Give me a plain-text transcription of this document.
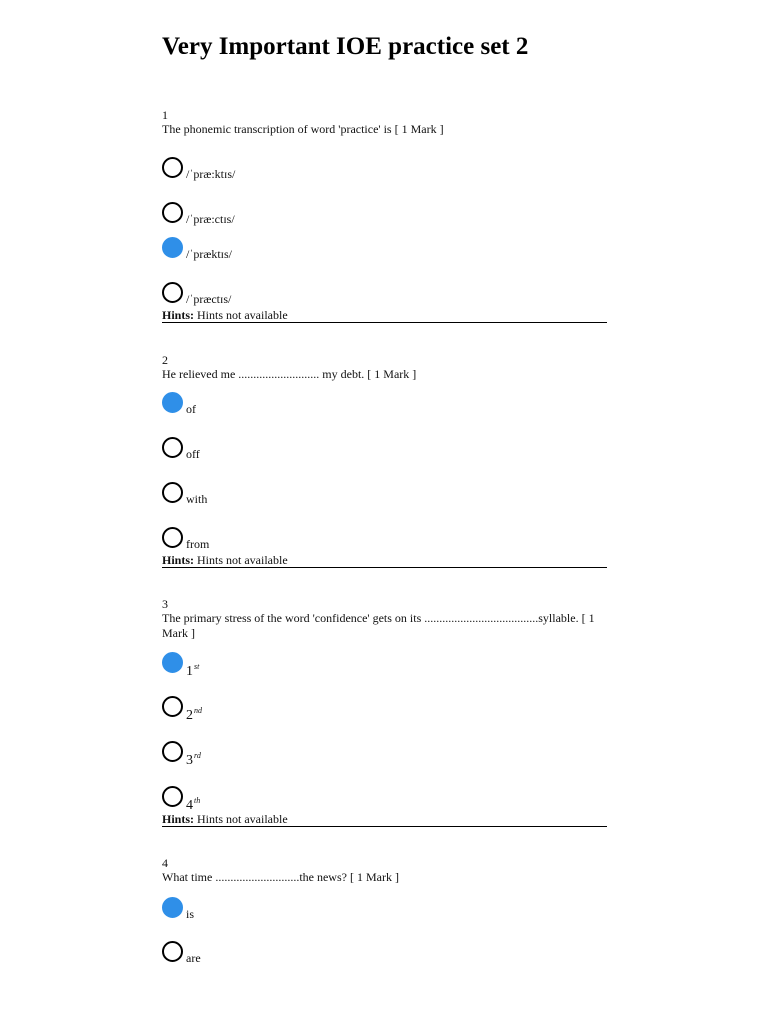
Very Important IOE practice set 2
1
The phonemic transcription of word 'practice' is [ 1 Mark ]
/ˈpræ:ktɪs/
/ˈpræ:ctɪs/
/ˈpræktɪs/
/ˈpræctɪs/
Hints: Hints not available
2
He relieved me ........................... my debt. [ 1 Mark ]
of
off
with
from
Hints: Hints not available
3
The primary stress of the word 'confidence' gets on its ......................................syllable. [ 1 Mark ]
1st
2nd
3rd
4th
Hints: Hints not available
4
What time ............................the news? [ 1 Mark ]
is
are
